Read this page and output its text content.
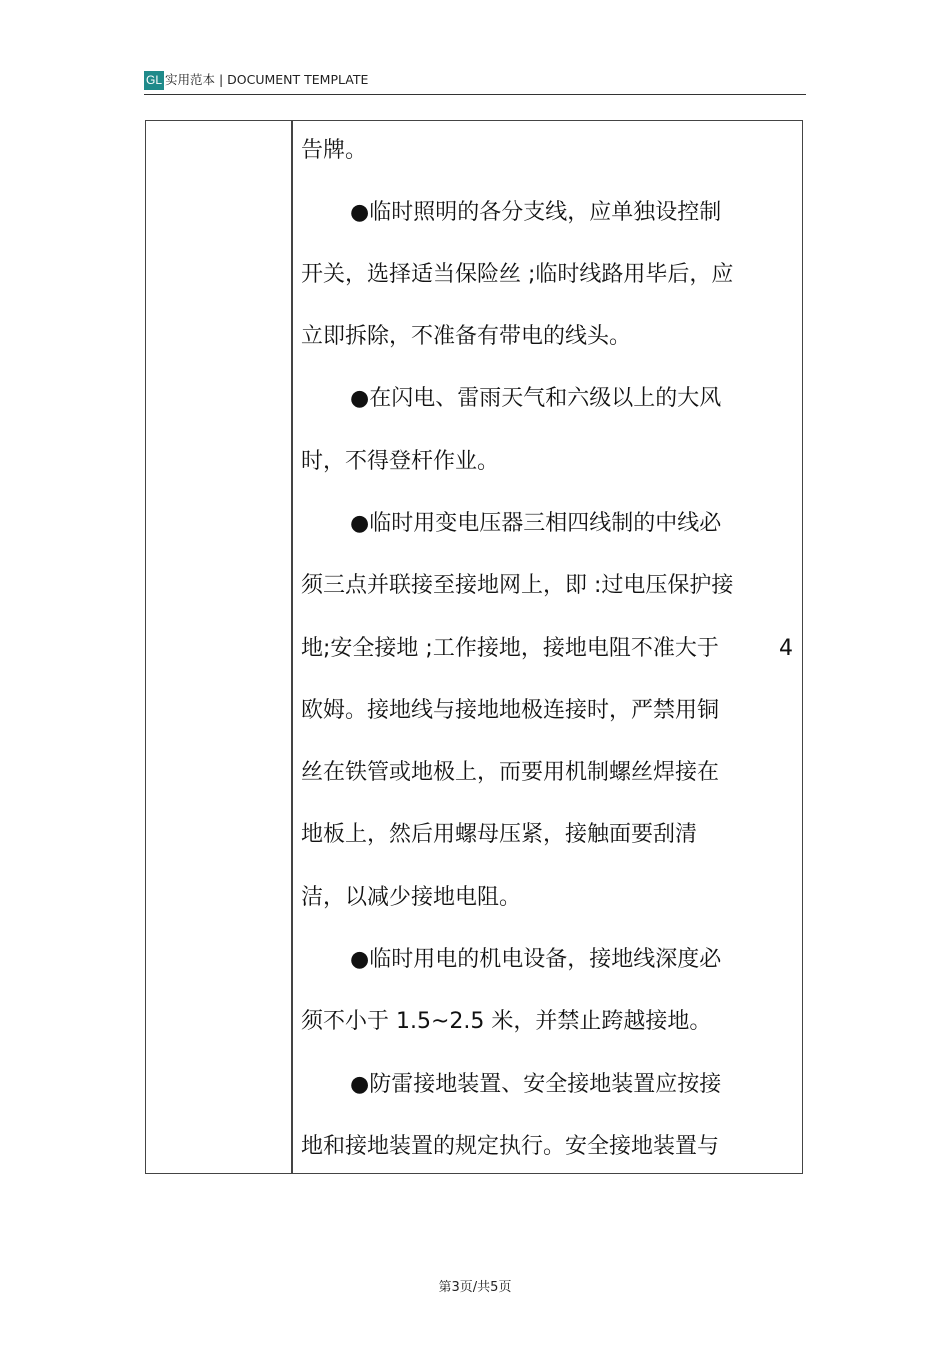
GL 实用范本 | DOCUMENT TEMPLATE
告牌。
●临时照明的各分支线，应单独设控制
开关，选择适当保险丝 ;临时线路用毕后，应
立即拆除，不准备有带电的线头。
●在闪电、雷雨天气和六级以上的大风
时，不得登杆作业。
●临时用变电压器三相四线制的中线必
须三点并联接至接地网上，即 :过电压保护接
地;安全接地 ;工作接地，接地电阻不准大于	4
欧姆。接地线与接地地极连接时，严禁用铜
丝在铁管或地极上，而要用机制螺丝焊接在
地板上，然后用螺母压紧，接触面要刮清
洁，以减少接地电阻。
●临时用电的机电设备，接地线深度必
须不小于 1.5~2.5 米，并禁止跨越接地。
●防雷接地装置、安全接地装置应按接
地和接地装置的规定执行。安全接地装置与
第3页/共5页
